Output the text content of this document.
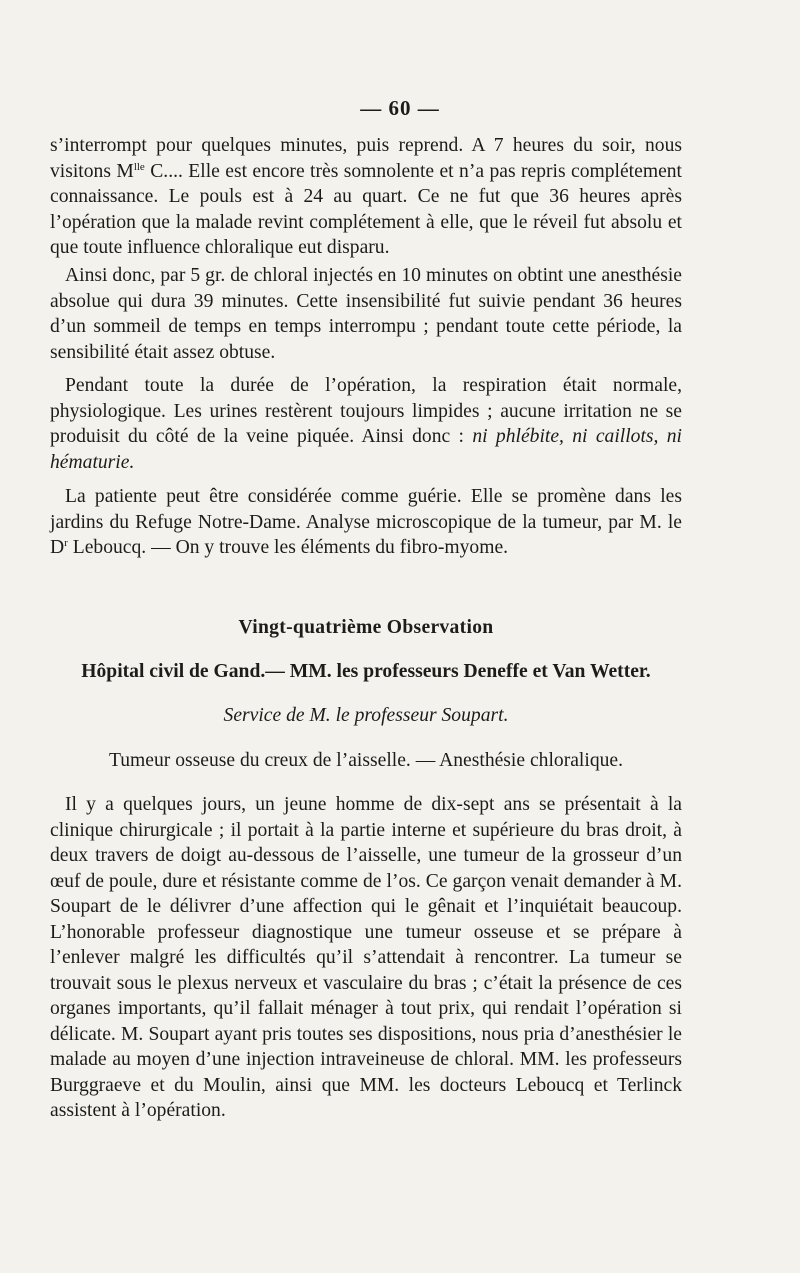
— 60 —

s’interrompt pour quelques minutes, puis reprend. A 7 heures du soir, nous visitons $M^{lle}$ C.... Elle est encore très somnolente et n’a pas repris complétement connaissance. Le pouls est à 24 au quart. Ce ne fut que 36 heures après l’opération que la malade revint complétement à elle, que le réveil fut absolu et que toute influence chloralique eut disparu.

Ainsi donc, par 5 gr. de chloral injectés en 10 minutes on obtint une anesthésie absolue qui dura 39 minutes. Cette insensibilité fut suivie pendant 36 heures d’un sommeil de temps en temps interrompu ; pendant toute cette période, la sensibilité était assez obtuse.

Pendant toute la durée de l’opération, la respiration était normale, physiologique. Les urines restèrent toujours limpides ; aucune irritation ne se produisit du côté de la veine piquée. Ainsi donc : ni phlébite, ni caillots, ni hématurie.

La patiente peut être considérée comme guérie. Elle se promène dans les jardins du Refuge Notre-Dame. Analyse microscopique de la tumeur, par M. le $D^r$ Leboucq. — On y trouve les éléments du fibro-myome.

Vingt-quatrième Observation

Hôpital civil de Gand.— MM. les professeurs Deneffe et Van Wetter.

Service de M. le professeur Soupart.

Tumeur osseuse du creux de l’aisselle. — Anesthésie chloralique.

Il y a quelques jours, un jeune homme de dix-sept ans se présentait à la clinique chirurgicale ; il portait à la partie interne et supérieure du bras droit, à deux travers de doigt au-dessous de l’aisselle, une tumeur de la grosseur d’un œuf de poule, dure et résistante comme de l’os. Ce garçon venait demander à M. Soupart de le délivrer d’une affection qui le gênait et l’inquiétait beaucoup. L’honorable professeur diagnostique une tumeur osseuse et se prépare à l’enlever malgré les difficultés qu’il s’attendait à rencontrer. La tumeur se trouvait sous le plexus nerveux et vasculaire du bras ; c’était la présence de ces organes importants, qu’il fallait ménager à tout prix, qui rendait l’opération si délicate. M. Soupart ayant pris toutes ses dispositions, nous pria d’anesthésier le malade au moyen d’une injection intraveineuse de chloral. MM. les professeurs Burggraeve et du Moulin, ainsi que MM. les docteurs Leboucq et Terlinck assistent à l’opération.
